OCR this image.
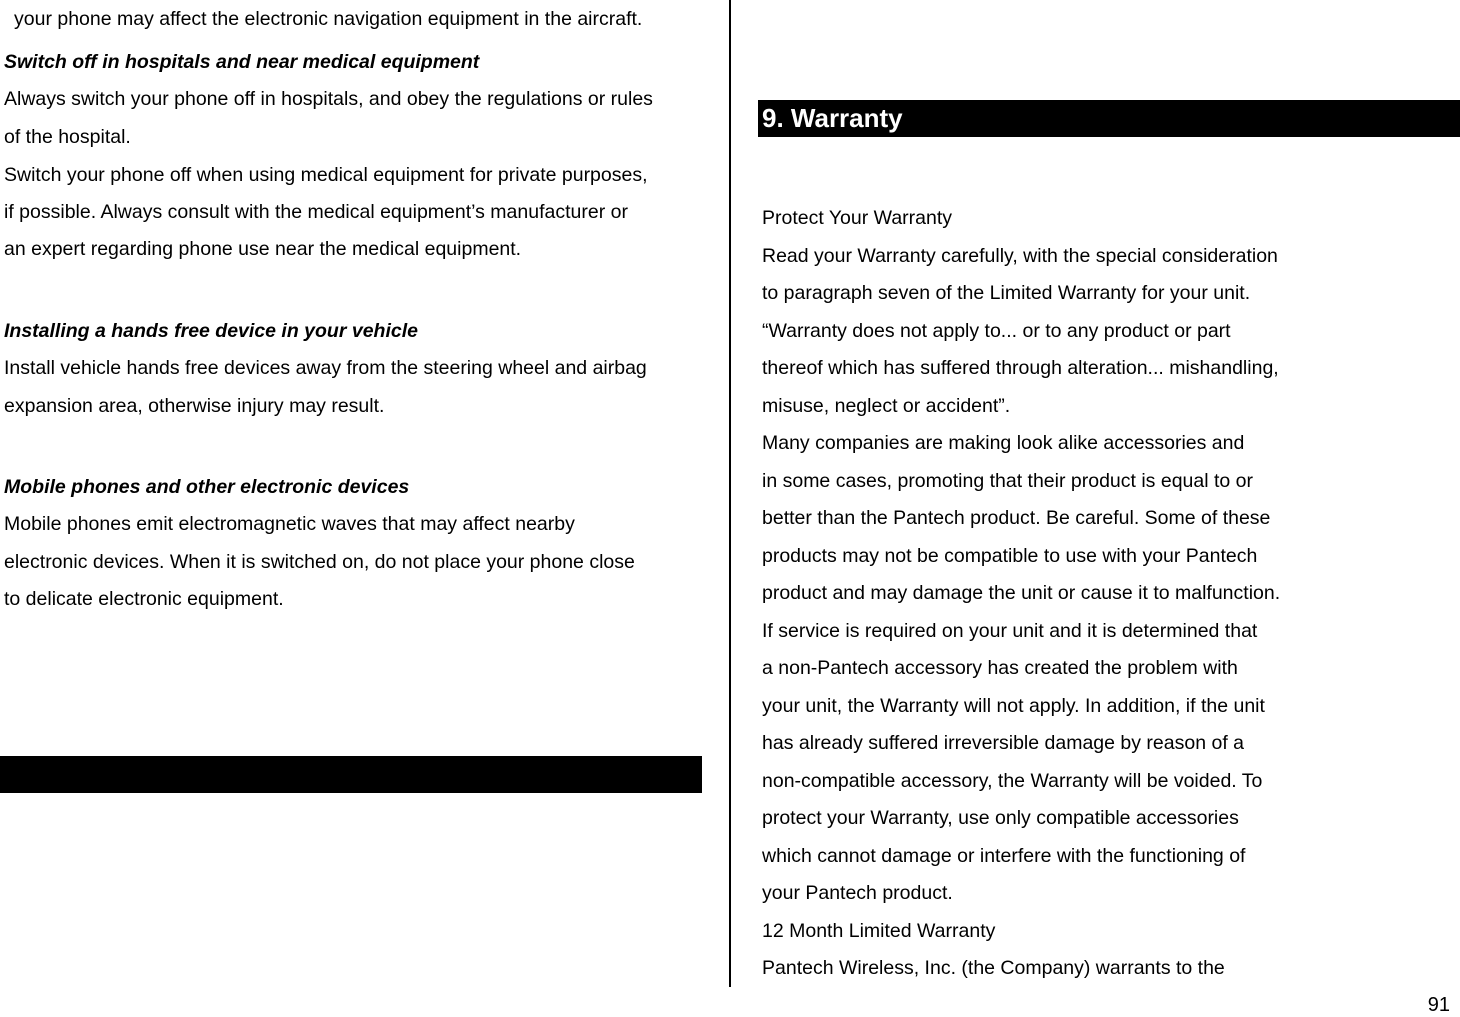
your phone may affect the electronic navigation equipment in the aircraft.
Switch off in hospitals and near medical equipment
Always switch your phone off in hospitals, and obey the regulations or rules
of the hospital.
Switch your phone off when using medical equipment for private purposes,
if possible. Always consult with the medical equipment’s manufacturer or
an expert regarding phone use near the medical equipment.
Installing a hands free device in your vehicle
Install vehicle hands free devices away from the steering wheel and airbag
expansion area, otherwise injury may result.
Mobile phones and other electronic devices
Mobile phones emit electromagnetic waves that may affect nearby
electronic devices. When it is switched on, do not place your phone close
to delicate electronic equipment.
9. Warranty
Protect Your Warranty
Read your Warranty carefully, with the special consideration
to paragraph seven of the Limited Warranty for your unit.
“Warranty does not apply to... or to any product or part
thereof which has suffered through alteration... mishandling,
misuse, neglect or accident”.
Many companies are making look alike accessories and
in some cases, promoting that their product is equal to or
better than the Pantech product. Be careful. Some of these
products may not be compatible to use with your Pantech
product and may damage the unit or cause it to malfunction.
If service is required on your unit and it is determined that
a non-Pantech accessory has created the problem with
your unit, the Warranty will not apply. In addition, if the unit
has already suffered irreversible damage by reason of a
non-compatible accessory, the Warranty will be voided. To
protect your Warranty, use only compatible accessories
which cannot damage or interfere with the functioning of
your Pantech product.
12 Month Limited Warranty
Pantech Wireless, Inc. (the Company) warrants to the
91
